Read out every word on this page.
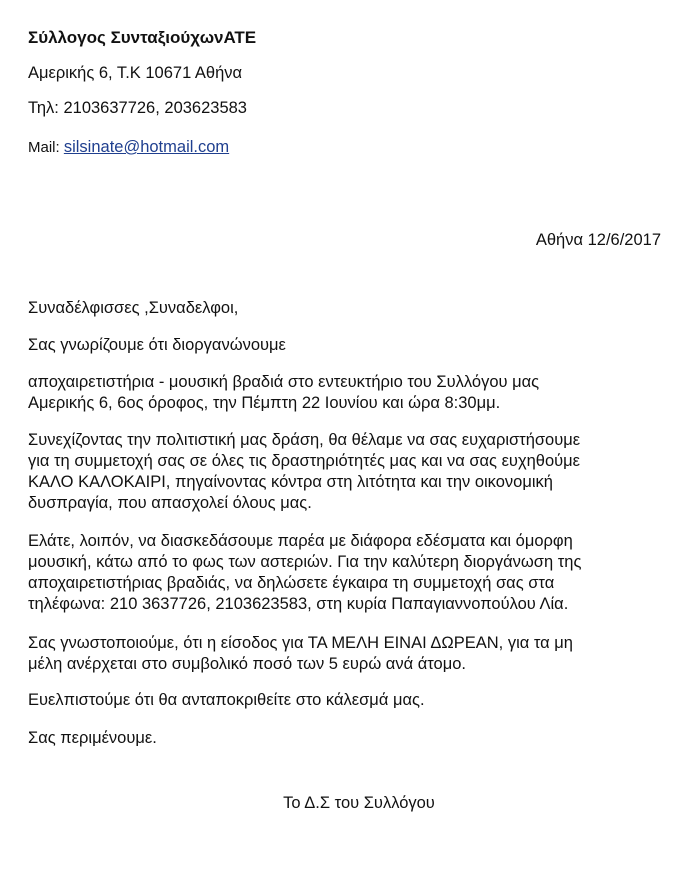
Σύλλογος ΣυνταξιούχωνΑΤΕ
Αμερικής 6, Τ.Κ 10671 Αθήνα
Τηλ: 2103637726, 203623583
Mail: silsinate@hotmail.com
Αθήνα 12/6/2017

Συναδέλφισσες ,Συναδελφοι,

Σας γνωρίζουμε ότι διοργανώνουμε

αποχαιρετιστήρια - μουσική βραδιά στο εντευκτήριο του Συλλόγου μας
Αμερικής 6, 6ος όροφος, την Πέμπτη 22 Ιουνίου και ώρα 8:30μμ.
Συνεχίζοντας την πολιτιστική μας δράση, θα θέλαμε να σας ευχαριστήσουμε
για τη συμμετοχή σας σε όλες τις δραστηριότητές μας και να σας ευχηθούμε
ΚΑΛΟ ΚΑΛΟΚΑΙΡΙ, πηγαίνοντας κόντρα στη λιτότητα και την οικονομική
δυσπραγία, που απασχολεί όλους μας.
Ελάτε, λοιπόν, να διασκεδάσουμε παρέα με διάφορα εδέσματα και όμορφη
μουσική, κάτω από το φως των αστεριών. Για την καλύτερη διοργάνωση της
αποχαιρετιστήριας βραδιάς, να δηλώσετε έγκαιρα τη συμμετοχή σας στα
τηλέφωνα: 210 3637726, 2103623583, στη κυρία Παπαγιαννοπούλου Λία.
Σας γνωστοποιούμε, ότι η είσοδος για ΤΑ ΜΕΛΗ ΕΙΝΑΙ ΔΩΡΕΑΝ, για τα μη
μέλη ανέρχεται στο συμβολικό ποσό των 5 ευρώ ανά άτομο.

Ευελπιστούμε ότι θα ανταποκριθείτε στο κάλεσμά μας.

Σας περιμένουμε.

Το Δ.Σ του Συλλόγου
